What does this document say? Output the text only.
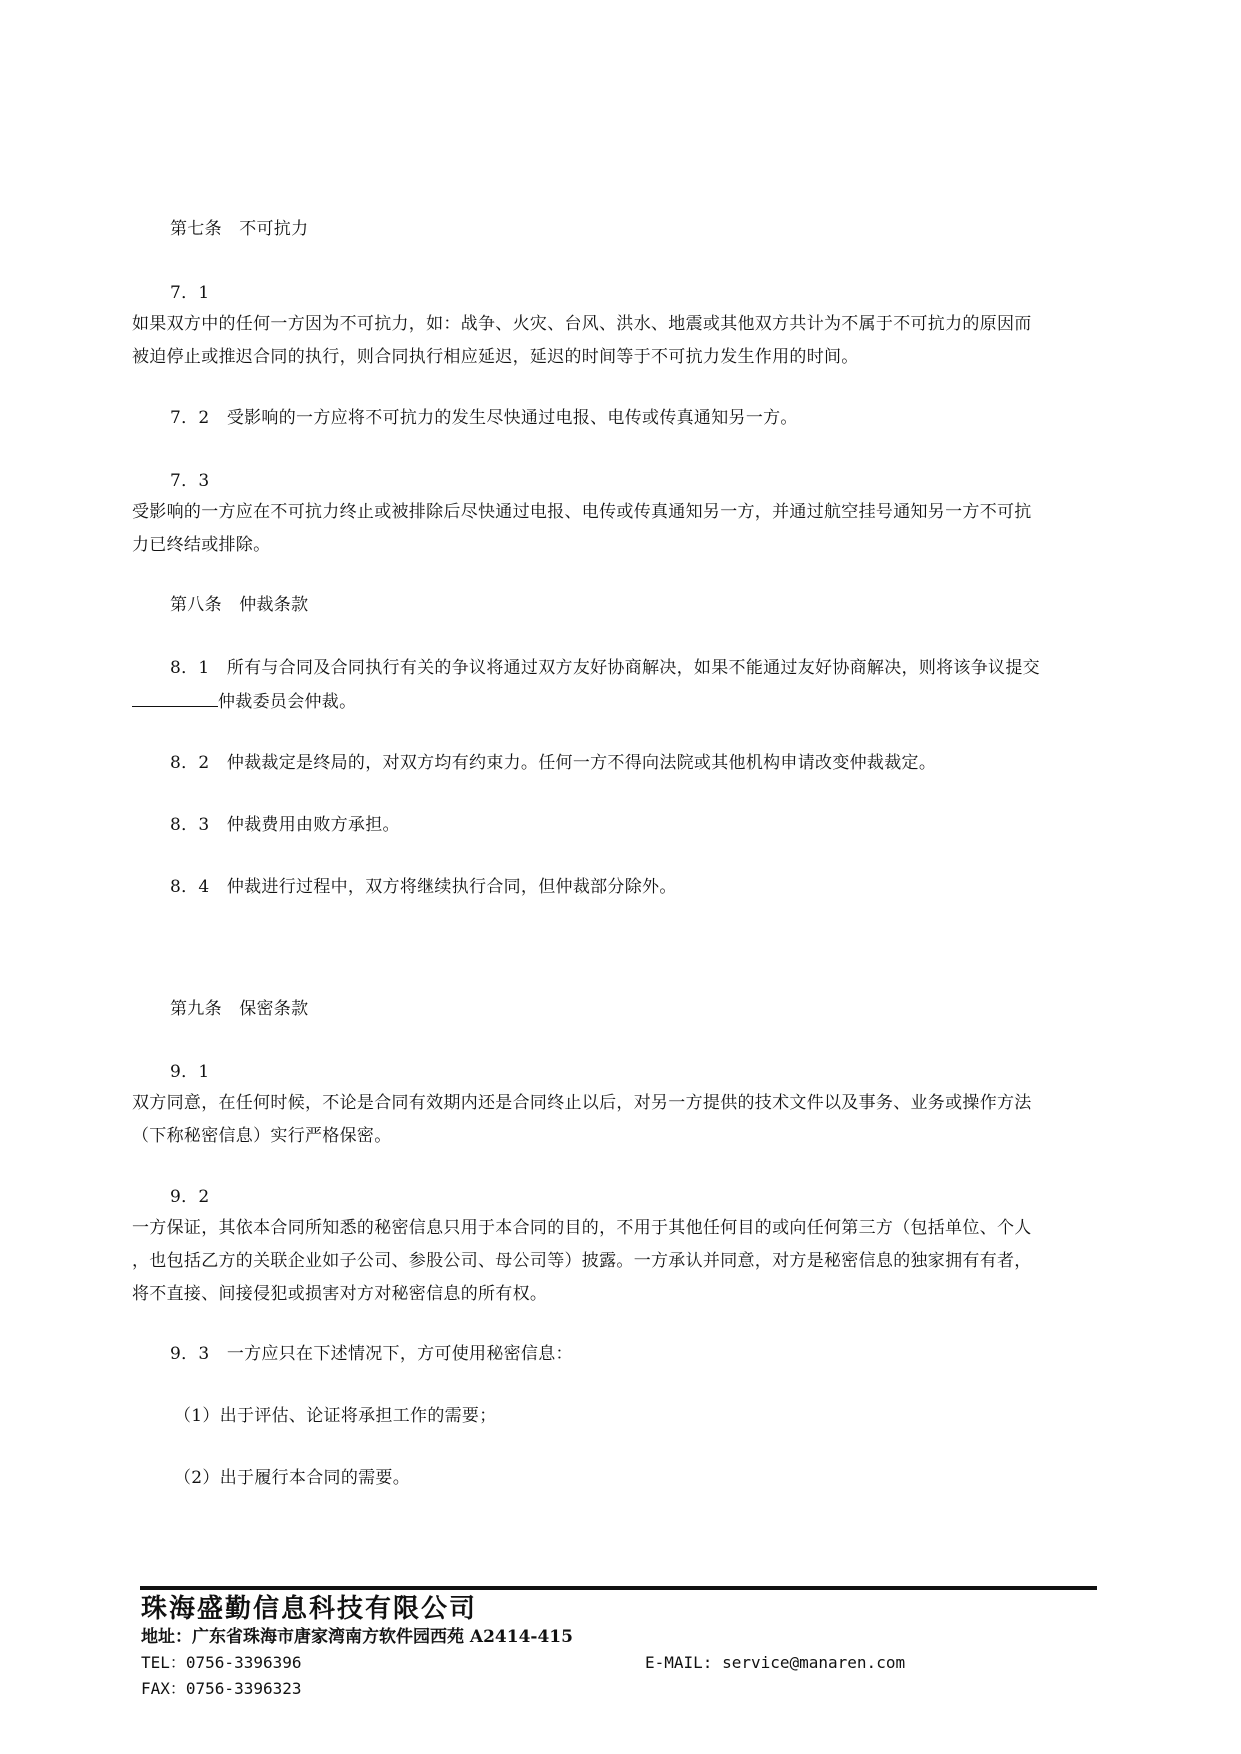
第七条　不可抗力
7．1
如果双方中的任何一方因为不可抗力，如：战争、火灾、台风、洪水、地震或其他双方共计为不属于不可抗力的原因而
被迫停止或推迟合同的执行，则合同执行相应延迟，延迟的时间等于不可抗力发生作用的时间。
7．2　受影响的一方应将不可抗力的发生尽快通过电报、电传或传真通知另一方。
7．3
受影响的一方应在不可抗力终止或被排除后尽快通过电报、电传或传真通知另一方，并通过航空挂号通知另一方不可抗
力已终结或排除。
第八条　仲裁条款
8．1　所有与合同及合同执行有关的争议将通过双方友好协商解决，如果不能通过友好协商解决，则将该争议提交
仲裁委员会仲裁。
8．2　仲裁裁定是终局的，对双方均有约束力。任何一方不得向法院或其他机构申请改变仲裁裁定。
8．3　仲裁费用由败方承担。
8．4　仲裁进行过程中，双方将继续执行合同，但仲裁部分除外。
第九条　保密条款
9．1
双方同意，在任何时候，不论是合同有效期内还是合同终止以后，对另一方提供的技术文件以及事务、业务或操作方法
（下称秘密信息）实行严格保密。
9．2
一方保证，其依本合同所知悉的秘密信息只用于本合同的目的，不用于其他任何目的或向任何第三方（包括单位、个人
，也包括乙方的关联企业如子公司、参股公司、母公司等）披露。一方承认并同意，对方是秘密信息的独家拥有有者，
将不直接、间接侵犯或损害对方对秘密信息的所有权。
9．3　一方应只在下述情况下，方可使用秘密信息：
（1）出于评估、论证将承担工作的需要；
（2）出于履行本合同的需要。
珠海盛勤信息科技有限公司
地址：广东省珠海市唐家湾南方软件园西苑 A2414-415
TEL：0756-3396396	E-MAIL: service@manaren.com
FAX：0756-3396323
